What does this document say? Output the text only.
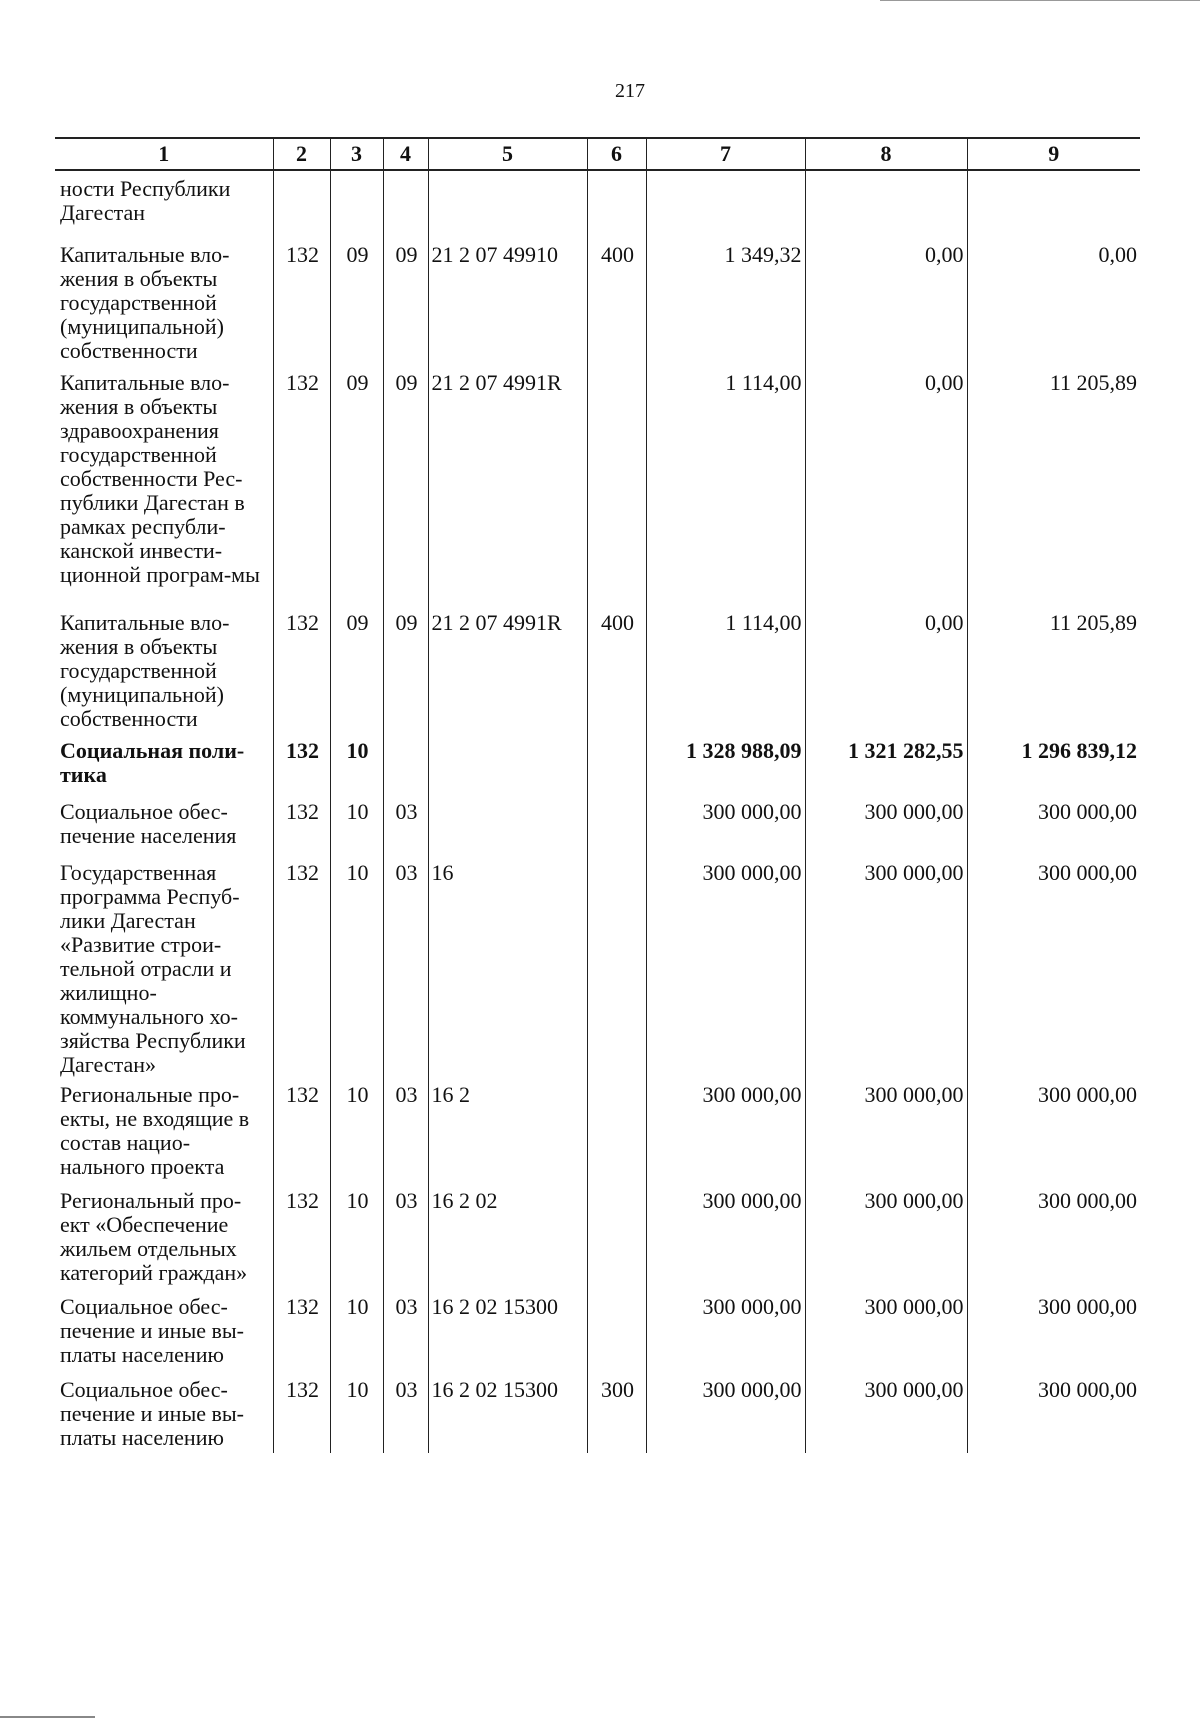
217
1	2	3	4	5	6	7	8	9
ности Республики Дагестан								
Капитальные вло-жения в объекты государственной (муниципальной) собственности	132	09	09	21 2 07 49910	400	1 349,32	0,00	0,00
Капитальные вло-жения в объекты здравоохранения государственной собственности Рес-публики Дагестан в рамках республи-канской инвести-ционной програм-мы	132	09	09	21 2 07 4991R		1 114,00	0,00	11 205,89
Капитальные вло-жения в объекты государственной (муниципальной) собственности	132	09	09	21 2 07 4991R	400	1 114,00	0,00	11 205,89
Социальная поли-тика	132	10				1 328 988,09	1 321 282,55	1 296 839,12
Социальное обес-печение населения	132	10	03			300 000,00	300 000,00	300 000,00
Государственная программа Респуб-лики Дагестан «Развитие строи-тельной отрасли и жилищно-коммунального хо-зяйства Республики Дагестан»	132	10	03	16		300 000,00	300 000,00	300 000,00
Региональные про-екты, не входящие в состав нацио-нального проекта	132	10	03	16 2		300 000,00	300 000,00	300 000,00
Региональный про-ект «Обеспечение жильем отдельных категорий граждан»	132	10	03	16 2 02		300 000,00	300 000,00	300 000,00
Социальное обес-печение и иные вы-платы населению	132	10	03	16 2 02 15300		300 000,00	300 000,00	300 000,00
Социальное обес-печение и иные вы-платы населению	132	10	03	16 2 02 15300	300	300 000,00	300 000,00	300 000,00
